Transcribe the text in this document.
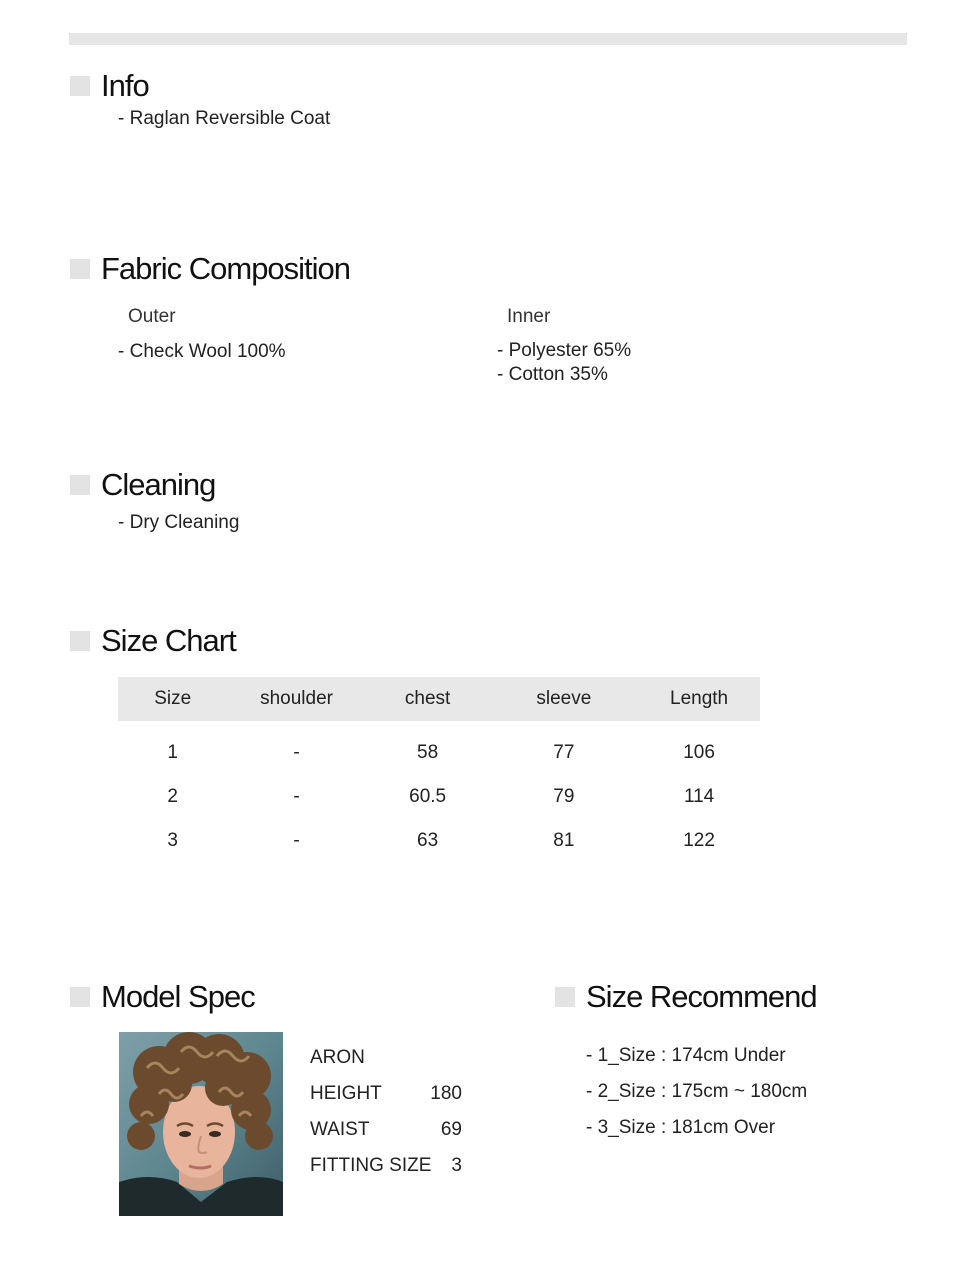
Info
- Raglan Reversible Coat
Fabric Composition
Outer
- Check Wool 100%
Inner
- Polyester 65%
- Cotton 35%
Cleaning
- Dry Cleaning
Size Chart
Size	shoulder	chest	sleeve	Length
1	-	58	77	106
2	-	60.5	79	114
3	-	63	81	122
Model Spec
ARON
HEIGHT	180
WAIST	69
FITTING SIZE 3
Size Recommend
- 1_Size : 174cm Under
- 2_Size : 175cm ~ 180cm
- 3_Size : 181cm Over
